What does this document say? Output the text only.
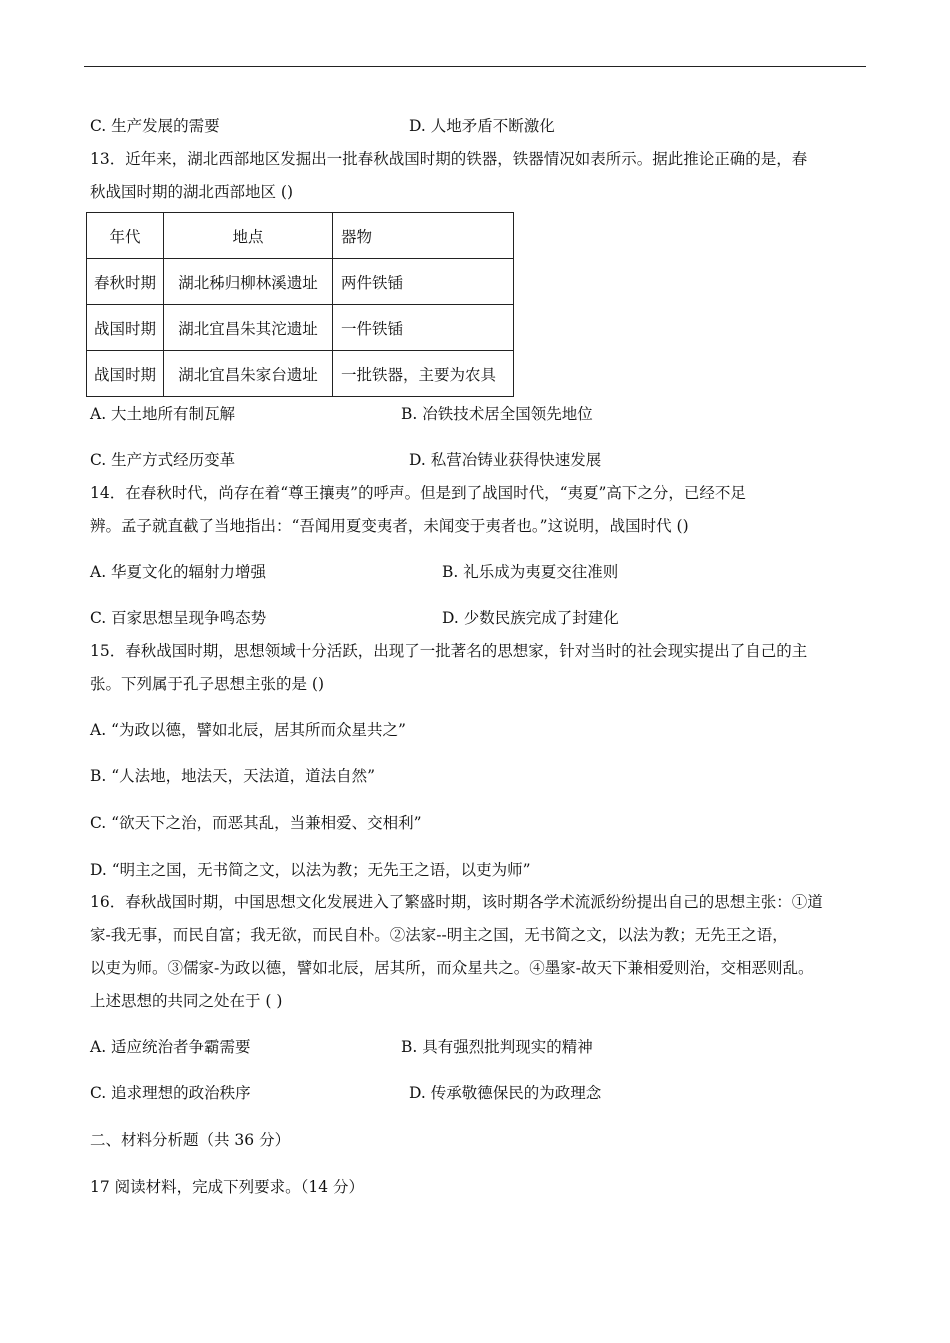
C. 生产发展的需要	D. 人地矛盾不断激化
13．近年来，湖北西部地区发掘出一批春秋战国时期的铁器，铁器情况如表所示。据此推论正确的是，春
秋战国时期的湖北西部地区 ()
年代	地点	器物
春秋时期	湖北秭归柳林溪遗址	两件铁锸
战国时期	湖北宜昌朱其沱遗址	一件铁锸
战国时期	湖北宜昌朱家台遗址	一批铁器，主要为农具
A. 大土地所有制瓦解	B. 冶铁技术居全国领先地位
C. 生产方式经历变革	D. 私营冶铸业获得快速发展
14．在春秋时代，尚存在着“尊王攘夷”的呼声。但是到了战国时代，“夷夏”高下之分，已经不足
辨。孟子就直截了当地指出：“吾闻用夏变夷者，未闻变于夷者也。”这说明，战国时代 ()
A. 华夏文化的辐射力增强	B. 礼乐成为夷夏交往准则
C. 百家思想呈现争鸣态势	D. 少数民族完成了封建化
15．春秋战国时期，思想领域十分活跃，出现了一批著名的思想家，针对当时的社会现实提出了自己的主
张。下列属于孔子思想主张的是 ()
A. “为政以德，譬如北辰，居其所而众星共之”
B. “人法地，地法天，天法道，道法自然”
C. “欲天下之治，而恶其乱，当兼相爱、交相利”
D. “明主之国，无书简之文，以法为教；无先王之语，以吏为师”
16．春秋战国时期，中国思想文化发展进入了繁盛时期，该时期各学术流派纷纷提出自己的思想主张：①道
家-我无事，而民自富；我无欲，而民自朴。②法家--明主之国，无书简之文，以法为教；无先王之语，
以吏为师。③儒家-为政以德，譬如北辰，居其所，而众星共之。④墨家-故天下兼相爱则治，交相恶则乱。
上述思想的共同之处在于 ( )
A. 适应统治者争霸需要	B. 具有强烈批判现实的精神
C. 追求理想的政治秩序	D. 传承敬德保民的为政理念
二、材料分析题（共 36 分）
17 阅读材料，完成下列要求。（14 分）
